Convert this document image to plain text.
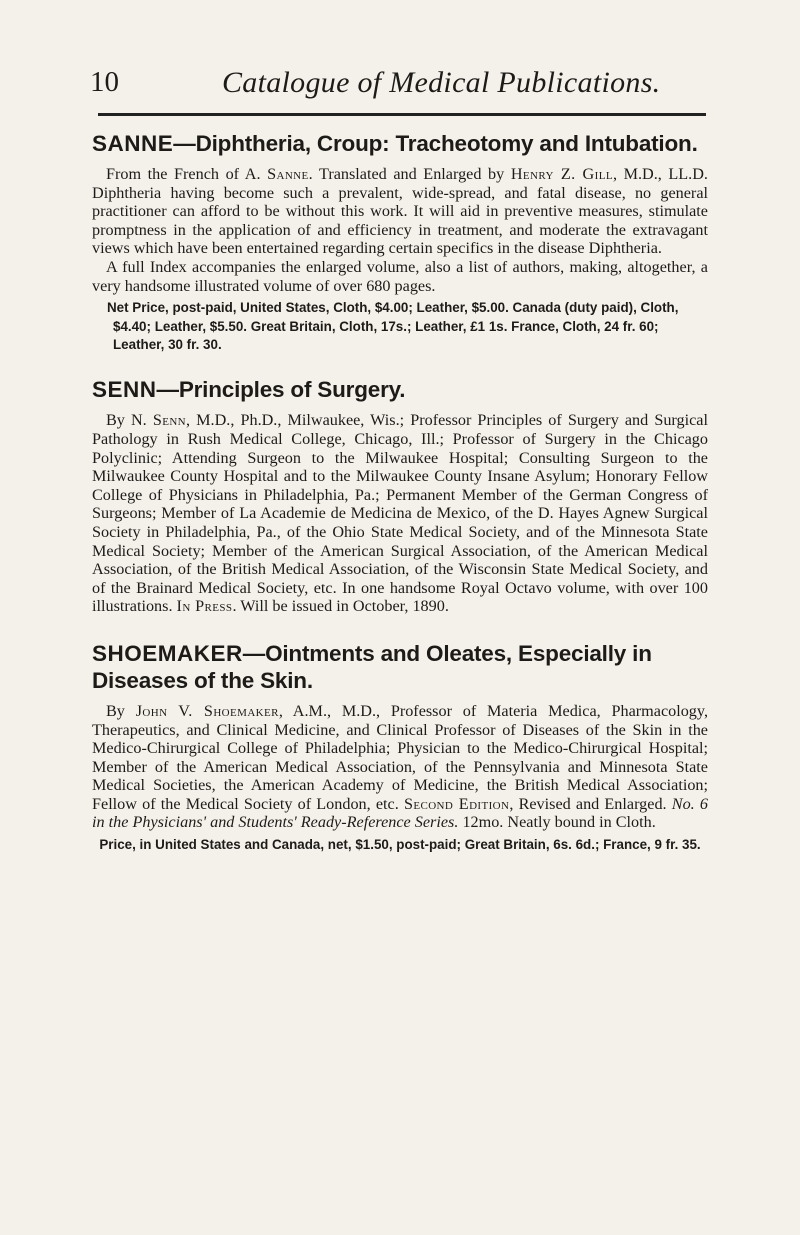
10	Catalogue of Medical Publications.
SANNE—Diphtheria, Croup: Tracheotomy and Intubation.

From the French of A. Sanne. Translated and Enlarged by Henry Z. Gill, M.D., LL.D. Diphtheria having become such a prevalent, wide-spread, and fatal disease, no general practitioner can afford to be without this work. It will aid in preventive measures, stimulate promptness in the application of and efficiency in treatment, and moderate the extravagant views which have been entertained regarding certain specifics in the disease Diphtheria.

A full Index accompanies the enlarged volume, also a list of authors, making, altogether, a very handsome illustrated volume of over 680 pages.

Net Price, post-paid, United States, Cloth, $4.00; Leather, $5.00. Canada (duty paid), Cloth, $4.40; Leather, $5.50. Great Britain, Cloth, 17s.; Leather, £1 1s. France, Cloth, 24 fr. 60; Leather, 30 fr. 30.

SENN—Principles of Surgery.

By N. Senn, M.D., Ph.D., Milwaukee, Wis.; Professor Principles of Surgery and Surgical Pathology in Rush Medical College, Chicago, Ill.; Professor of Surgery in the Chicago Polyclinic; Attending Surgeon to the Milwaukee Hospital; Consulting Surgeon to the Milwaukee County Hospital and to the Milwaukee County Insane Asylum; Honorary Fellow College of Physicians in Philadelphia, Pa.; Permanent Member of the German Congress of Surgeons; Member of La Academie de Medicina de Mexico, of the D. Hayes Agnew Surgical Society in Philadelphia, Pa., of the Ohio State Medical Society, and of the Minnesota State Medical Society; Member of the American Surgical Association, of the American Medical Association, of the British Medical Association, of the Wisconsin State Medical Society, and of the Brainard Medical Society, etc. In one handsome Royal Octavo volume, with over 100 illustrations. In Press. Will be issued in October, 1890.

SHOEMAKER—Ointments and Oleates, Especially in Diseases of the Skin.

By John V. Shoemaker, A.M., M.D., Professor of Materia Medica, Pharmacology, Therapeutics, and Clinical Medicine, and Clinical Professor of Diseases of the Skin in the Medico-Chirurgical College of Philadelphia; Physician to the Medico-Chirurgical Hospital; Member of the American Medical Association, of the Pennsylvania and Minnesota State Medical Societies, the American Academy of Medicine, the British Medical Association; Fellow of the Medical Society of London, etc. Second Edition, Revised and Enlarged. No. 6 in the Physicians' and Students' Ready-Reference Series. 12mo. Neatly bound in Cloth.

Price, in United States and Canada, net, $1.50, post-paid; Great Britain, 6s. 6d.; France, 9 fr. 35.
